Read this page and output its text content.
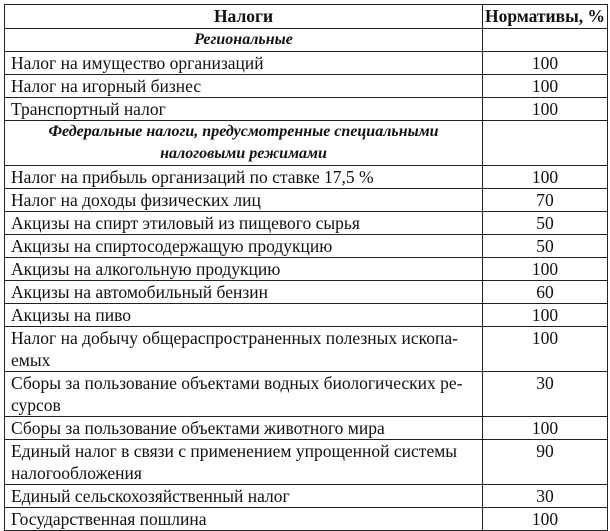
Налоги	Нормативы, %
Региональные	
Налог на имущество организаций	100
Налог на игорный бизнес	100
Транспортный налог	100
Федеральные налоги, предусмотренные специальными
налоговыми режимами	
Налог на прибыль организаций по ставке 17,5 %	100
Налог на доходы физических лиц	70
Акцизы на спирт этиловый из пищевого сырья	50
Акцизы на спиртосодержащую продукцию	50
Акцизы на алкогольную продукцию	100
Акцизы на автомобильный бензин	60
Акцизы на пиво	100
Налог на добычу общераспространенных полезных ископа-
емых	100
Сборы за пользование объектами водных биологических ре-
сурсов	30
Сборы за пользование объектами животного мира	100
Единый налог в связи с применением упрощенной системы
налогообложения	90
Единый сельскохозяйственный налог	30
Государственная пошлина	100
